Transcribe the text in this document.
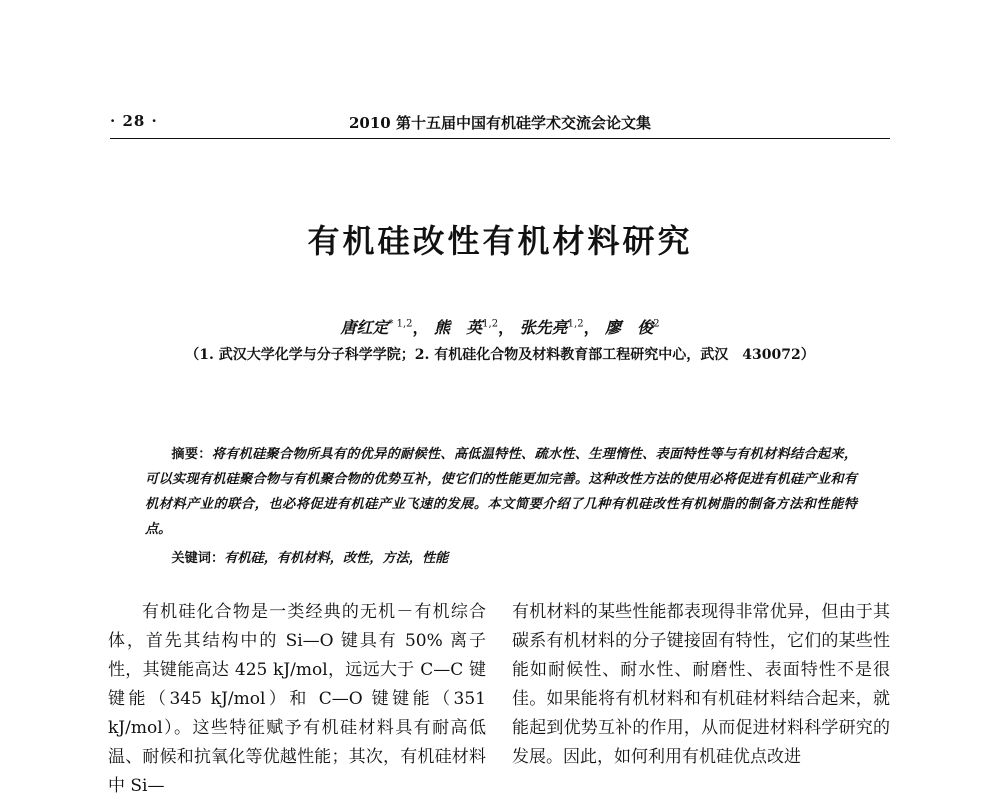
· 28 ·	2010 第十五届中国有机硅学术交流会论文集
有机硅改性有机材料研究
唐红定$^{* 1,2}$， 熊　英$^{1,2}$， 张先亮$^{1,2}$， 廖　俊$^2$
（1. 武汉大学化学与分子科学学院；2. 有机硅化合物及材料教育部工程研究中心，武汉　430072）
摘要：将有机硅聚合物所具有的优异的耐候性、高低温特性、疏水性、生理惰性、表面特性等与有机材料结合起来，可以实现有机硅聚合物与有机聚合物的优势互补，使它们的性能更加完善。这种改性方法的使用必将促进有机硅产业和有机材料产业的联合，也必将促进有机硅产业飞速的发展。本文简要介绍了几种有机硅改性有机树脂的制备方法和性能特点。
关键词：有机硅，有机材料，改性，方法，性能
有机硅化合物是一类经典的无机－有机综合体，首先其结构中的 Si—O 键具有 50% 离子性，其键能高达 425 kJ/mol，远远大于 C—C 键键能（345 kJ/mol）和 C—O 键键能（351 kJ/mol）。这些特征赋予有机硅材料具有耐高低温、耐候和抗氧化等优越性能；其次，有机硅材料中 Si—
有机材料的某些性能都表现得非常优异，但由于其碳系有机材料的分子键接固有特性，它们的某些性能如耐候性、耐水性、耐磨性、表面特性不是很佳。如果能将有机材料和有机硅材料结合起来，就能起到优势互补的作用，从而促进材料科学研究的发展。因此，如何利用有机硅优点改进
